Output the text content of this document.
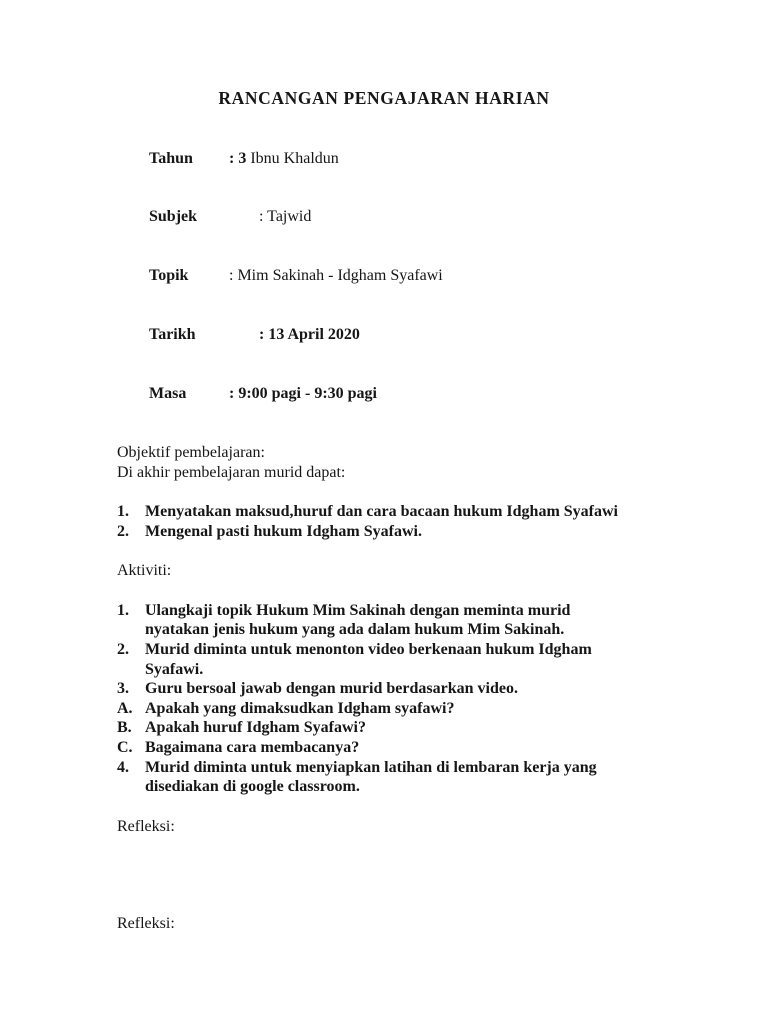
RANCANGAN PENGAJARAN HARIAN

Tahun : 3 Ibnu Khaldun

Subjek	: Tajwid

Topik	: Mim Sakinah - Idgham Syafawi

Tarikh	: 13 April 2020

Masa	: 9:00 pagi - 9:30 pagi

Objektif pembelajaran:
Di akhir pembelajaran murid dapat:
1.	Menyatakan maksud,huruf dan cara bacaan hukum Idgham Syafawi
2.	Mengenal pasti hukum Idgham Syafawi.
Aktiviti:
1.	Ulangkaji topik Hukum Mim Sakinah dengan meminta murid
nyatakan jenis hukum yang ada dalam hukum Mim Sakinah.
2.	Murid diminta untuk menonton video berkenaan hukum Idgham
Syafawi.
3.	Guru bersoal jawab dengan murid berdasarkan video.
A. Apakah yang dimaksudkan Idgham syafawi?
B. Apakah huruf Idgham Syafawi?
C. Bagaimana cara membacanya?
4.	Murid diminta untuk menyiapkan latihan di lembaran kerja yang
disediakan di google classroom.
Refleksi:
Refleksi:
